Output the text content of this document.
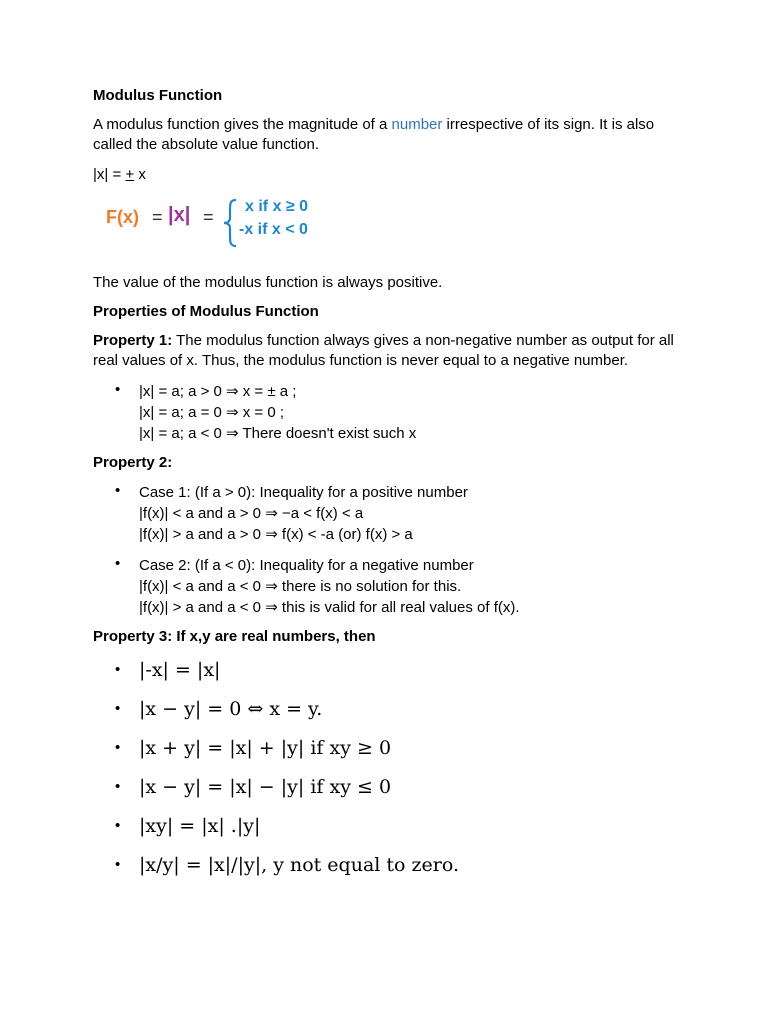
Modulus Function

A modulus function gives the magnitude of a number irrespective of its sign. It is also called the absolute value function.

|x| = + x

F(x) = |x| =
x if x ≥ 0
-x if x < 0

The value of the modulus function is always positive.

Properties of Modulus Function

Property 1: The modulus function always gives a non-negative number as output for all real values of x. Thus, the modulus function is never equal to a negative number.

• |x| = a; a > 0 ⇒ x = ± a ;
|x| = a; a = 0 ⇒ x = 0 ;
|x| = a; a < 0 ⇒ There doesn't exist such x
Property 2:
• Case 1: (If a > 0): Inequality for a positive number
|f(x)| < a and a > 0 ⇒ −a < f(x) < a
|f(x)| > a and a > 0 ⇒ f(x) < -a (or) f(x) > a
• Case 2: (If a < 0): Inequality for a negative number
|f(x)| < a and a < 0 ⇒ there is no solution for this.
|f(x)| > a and a < 0 ⇒ this is valid for all real values of f(x).
Property 3: If x,y are real numbers, then
• |-x| = |x|
• |x − y| = 0 ⇔ x = y.
• |x + y| = |x| + |y| if xy ≥ 0
• |x − y| = |x| − |y| if xy ≤ 0
• |xy| = |x| .|y|
• |x/y| = |x|/|y|, y not equal to zero.
